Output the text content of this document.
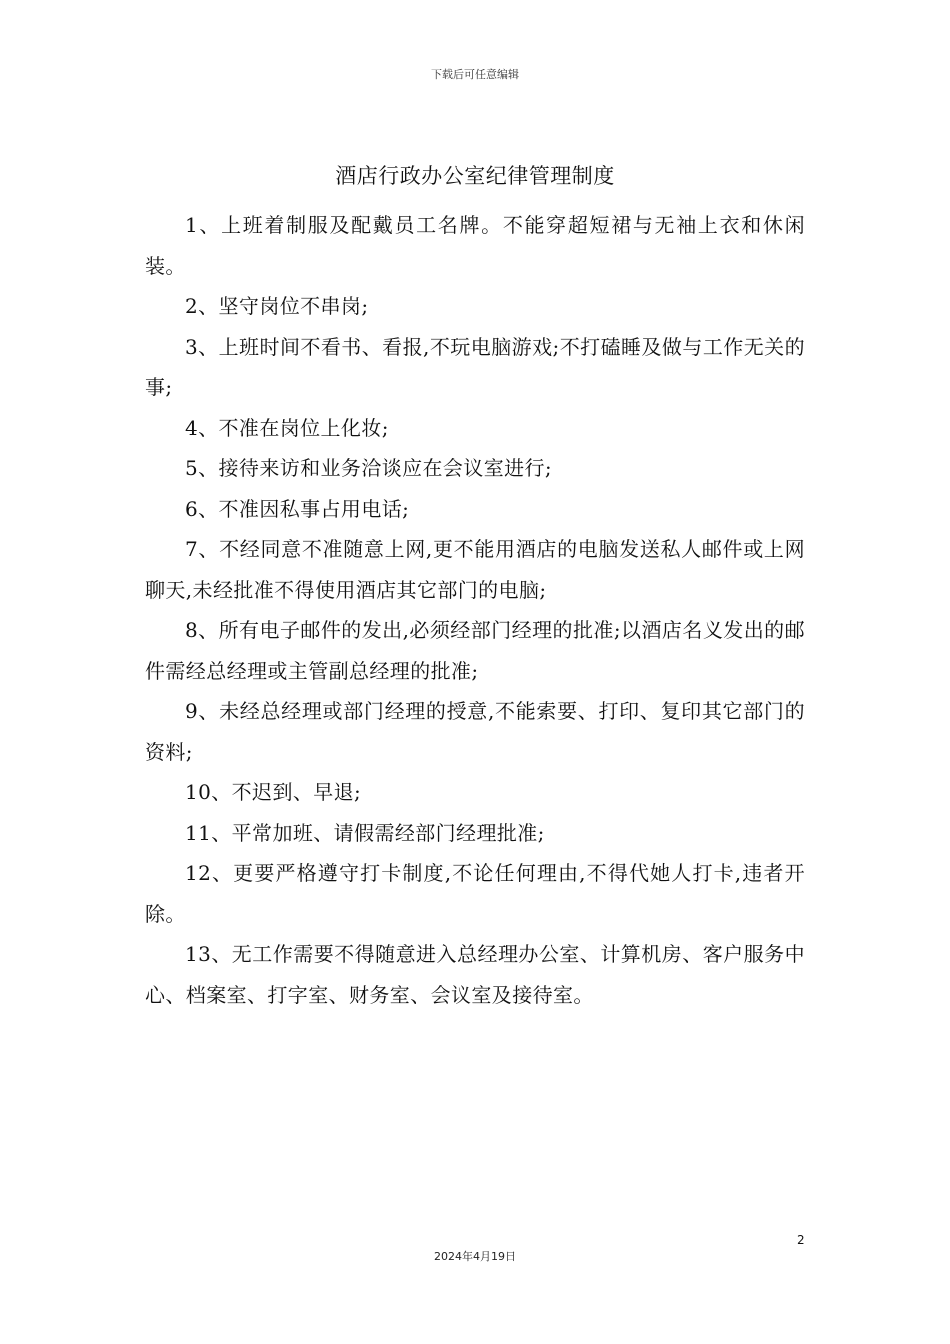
下载后可任意编辑
酒店行政办公室纪律管理制度

1、上班着制服及配戴员工名牌。不能穿超短裙与无袖上衣和休闲装。

2、坚守岗位不串岗;

3、上班时间不看书、看报,不玩电脑游戏;不打磕睡及做与工作无关的事;

4、不准在岗位上化妆;

5、接待来访和业务洽谈应在会议室进行;

6、不准因私事占用电话;

7、不经同意不准随意上网,更不能用酒店的电脑发送私人邮件或上网聊天,未经批准不得使用酒店其它部门的电脑;

8、所有电子邮件的发出,必须经部门经理的批准;以酒店名义发出的邮件需经总经理或主管副总经理的批准;

9、未经总经理或部门经理的授意,不能索要、打印、复印其它部门的资料;

10、不迟到、早退;

11、平常加班、请假需经部门经理批准;

12、更要严格遵守打卡制度,不论任何理由,不得代她人打卡,违者开除。

13、无工作需要不得随意进入总经理办公室、计算机房、客户服务中心、档案室、打字室、财务室、会议室及接待室。

2
2024年4月19日
